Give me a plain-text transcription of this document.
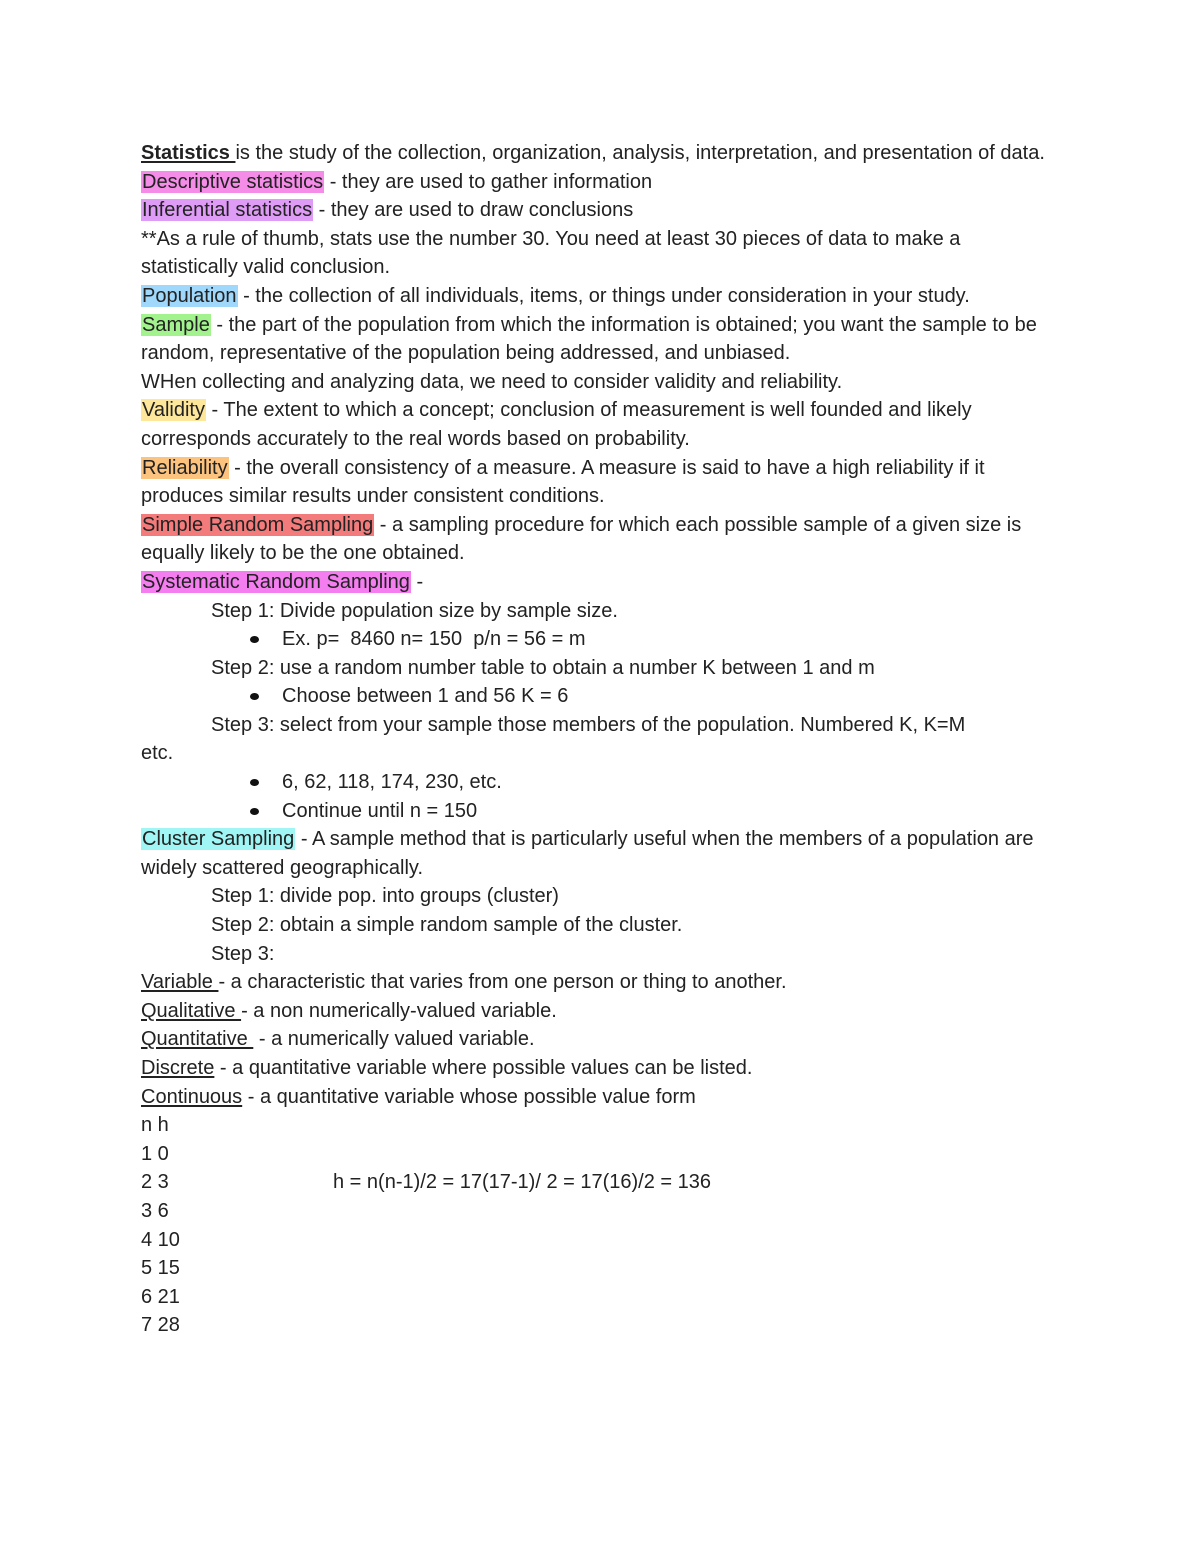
Statistics is the study of the collection, organization, analysis, interpretation, and presentation of data.

Descriptive statistics - they are used to gather information

Inferential statistics - they are used to draw conclusions

**As a rule of thumb, stats use the number 30. You need at least 30 pieces of data to make a statistically valid conclusion.

Population - the collection of all individuals, items, or things under consideration in your study.

Sample - the part of the population from which the information is obtained; you want the sample to be random, representative of the population being addressed, and unbiased.

WHen collecting and analyzing data, we need to consider validity and reliability.

Validity - The extent to which a concept; conclusion of measurement is well founded and likely corresponds accurately to the real words based on probability.

Reliability - the overall consistency of a measure. A measure is said to have a high reliability if it produces similar results under consistent conditions.

Simple Random Sampling - a sampling procedure for which each possible sample of a given size is equally likely to be the one obtained.

Systematic Random Sampling -

Step 1: Divide population size by sample size.

Ex. p=  8460 n= 150  p/n = 56 = m

Step 2: use a random number table to obtain a number K between 1 and m

Choose between 1 and 56 K = 6

Step 3: select from your sample those members of the population. Numbered K, K=M

etc.

6, 62, 118, 174, 230, etc.

Continue until n = 150

Cluster Sampling - A sample method that is particularly useful when the members of a population are widely scattered geographically.

Step 1: divide pop. into groups (cluster)

Step 2: obtain a simple random sample of the cluster.

Step 3:

Variable - a characteristic that varies from one person or thing to another.

Qualitative - a non numerically-valued variable.

Quantitative  - a numerically valued variable.

Discrete - a quantitative variable where possible values can be listed.

Continuous - a quantitative variable whose possible value form

n h

1 0

2 3	h = n(n-1)/2 = 17(17-1)/ 2 = 17(16)/2 = 136

3 6

4 10

5 15

6 21

7 28
